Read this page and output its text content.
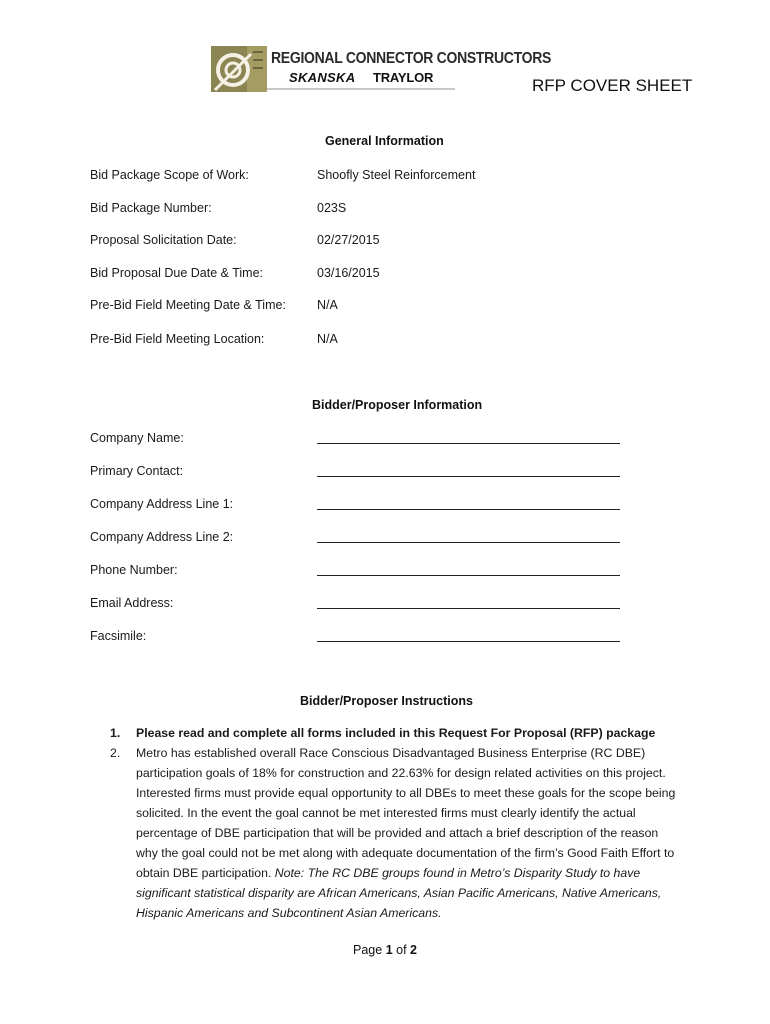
REGIONAL CONNECTOR CONSTRUCTORS
SKANSKA TRAYLOR	RFP COVER SHEET
General Information
Bid Package Scope of Work:	Shoofly Steel Reinforcement
Bid Package Number:	023S
Proposal Solicitation Date:	02/27/2015
Bid Proposal Due Date & Time:	03/16/2015
Pre-Bid Field Meeting Date & Time: N/A
Pre-Bid Field Meeting Location:	N/A
Bidder/Proposer Information
Company Name:
Primary Contact:
Company Address Line 1:
Company Address Line 2:
Phone Number:
Email Address:
Facsimile:
Bidder/Proposer Instructions
1. Please read and complete all forms included in this Request For Proposal (RFP) package
2. Metro has established overall Race Conscious Disadvantaged Business Enterprise (RC DBE) participation goals of 18% for construction and 22.63% for design related activities on this project. Interested firms must provide equal opportunity to all DBEs to meet these goals for the scope being solicited. In the event the goal cannot be met interested firms must clearly identify the actual percentage of DBE participation that will be provided and attach a brief description of the reason why the goal could not be met along with adequate documentation of the firm’s Good Faith Effort to obtain DBE participation. Note: The RC DBE groups found in Metro’s Disparity Study to have significant statistical disparity are African Americans, Asian Pacific Americans, Native Americans, Hispanic Americans and Subcontinent Asian Americans.
Page 1 of 2
